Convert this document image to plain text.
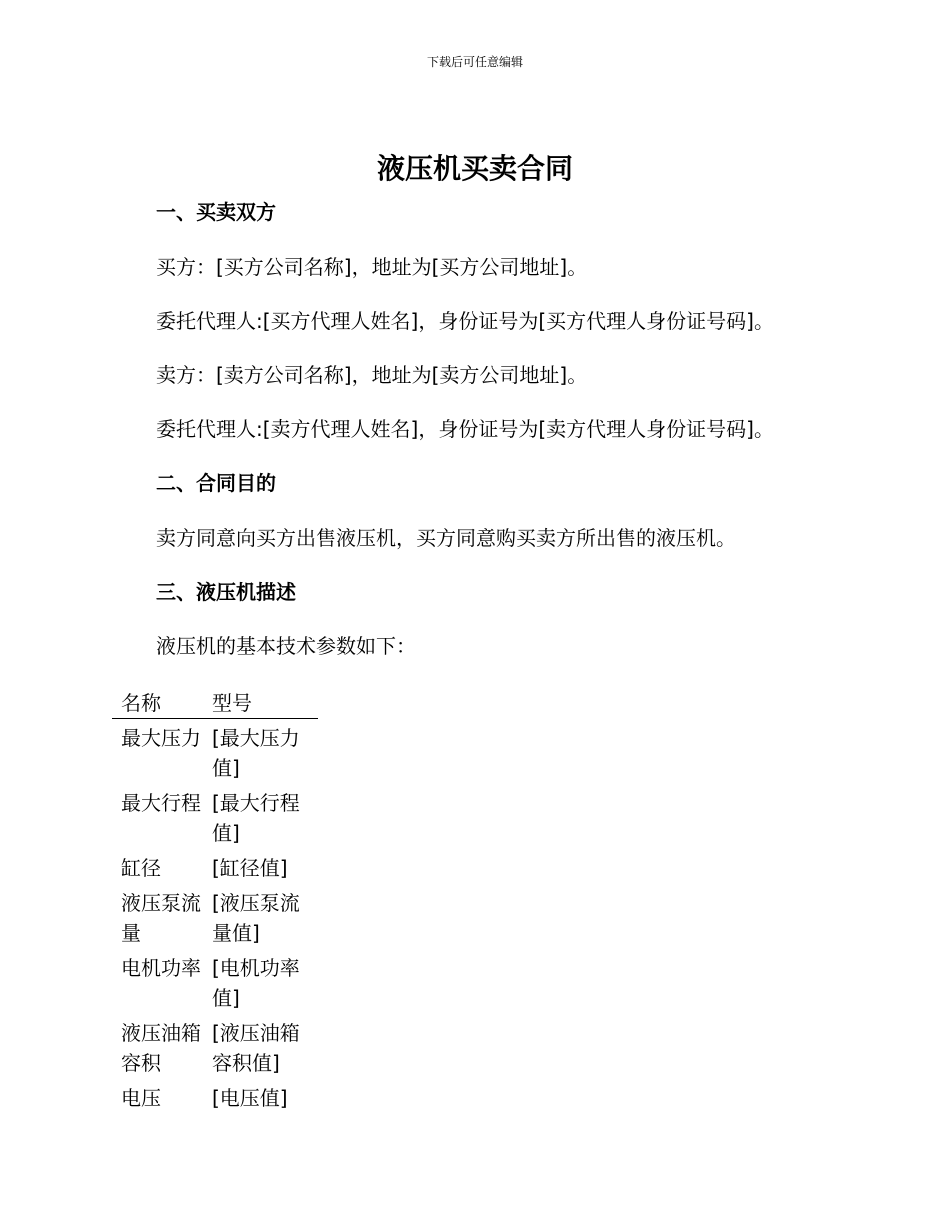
下载后可任意编辑
液压机买卖合同
一、买卖双方
买方：[买方公司名称]，地址为[买方公司地址]。
委托代理人:[买方代理人姓名]，身份证号为[买方代理人身份证号码]。
卖方：[卖方公司名称]，地址为[卖方公司地址]。
委托代理人:[卖方代理人姓名]，身份证号为[卖方代理人身份证号码]。
二、合同目的
卖方同意向买方出售液压机，买方同意购买卖方所出售的液压机。
三、液压机描述
液压机的基本技术参数如下：
名称	型号
最大压力	[最大压力值]
最大行程	[最大行程值]
缸径	[缸径值]
液压泵流量	[液压泵流量值]
电机功率	[电机功率值]
液压油箱容积	[液压油箱容积值]
电压	[电压值]
